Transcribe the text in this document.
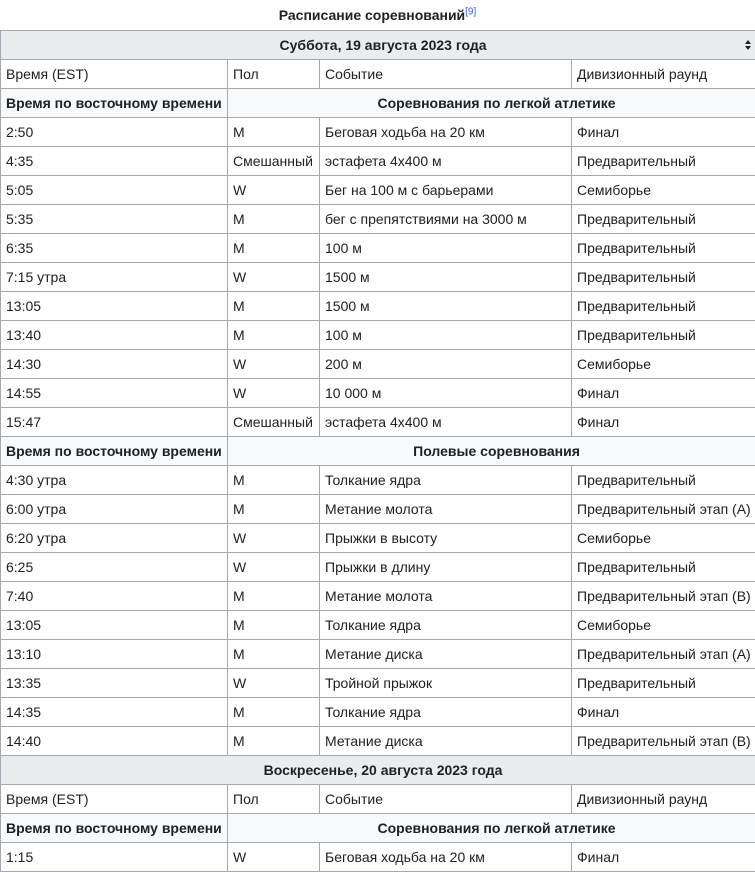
Расписание соревнований[9]
Суббота, 19 августа 2023 года			

Время (EST)	Пол	Событие	Дивизионный раунд
Время по восточному времени	Соревнования по легкой атлетике		
2:50	M	Беговая ходьба на 20 км	Финал
4:35	Смешанный	эстафета 4х400 м	Предварительный
5:05	W	Бег на 100 м с барьерами	Семиборье
5:35	M	бег с препятствиями на 3000 м	Предварительный
6:35	M	100 м	Предварительный
7:15 утра	W	1500 м	Предварительный
13:05	M	1500 м	Предварительный
13:40	M	100 м	Предварительный
14:30	W	200 м	Семиборье
14:55	W	10 000 м	Финал
15:47	Смешанный	эстафета 4х400 м	Финал
Время по восточному времени	Полевые соревнования		
4:30 утра	M	Толкание ядра	Предварительный
6:00 утра	M	Метание молота	Предварительный этап (A)
6:20 утра	W	Прыжки в высоту	Семиборье
6:25	W	Прыжки в длину	Предварительный
7:40	M	Метание молота	Предварительный этап (B)
13:05	M	Толкание ядра	Семиборье
13:10	M	Метание диска	Предварительный этап (A)
13:35	W	Тройной прыжок	Предварительный
14:35	M	Толкание ядра	Финал
14:40	M	Метание диска	Предварительный этап (B)
Воскресенье, 20 августа 2023 года			
Время (EST)	Пол	Событие	Дивизионный раунд
Время по восточному времени	Соревнования по легкой атлетике		
1:15	W	Беговая ходьба на 20 км	Финал
